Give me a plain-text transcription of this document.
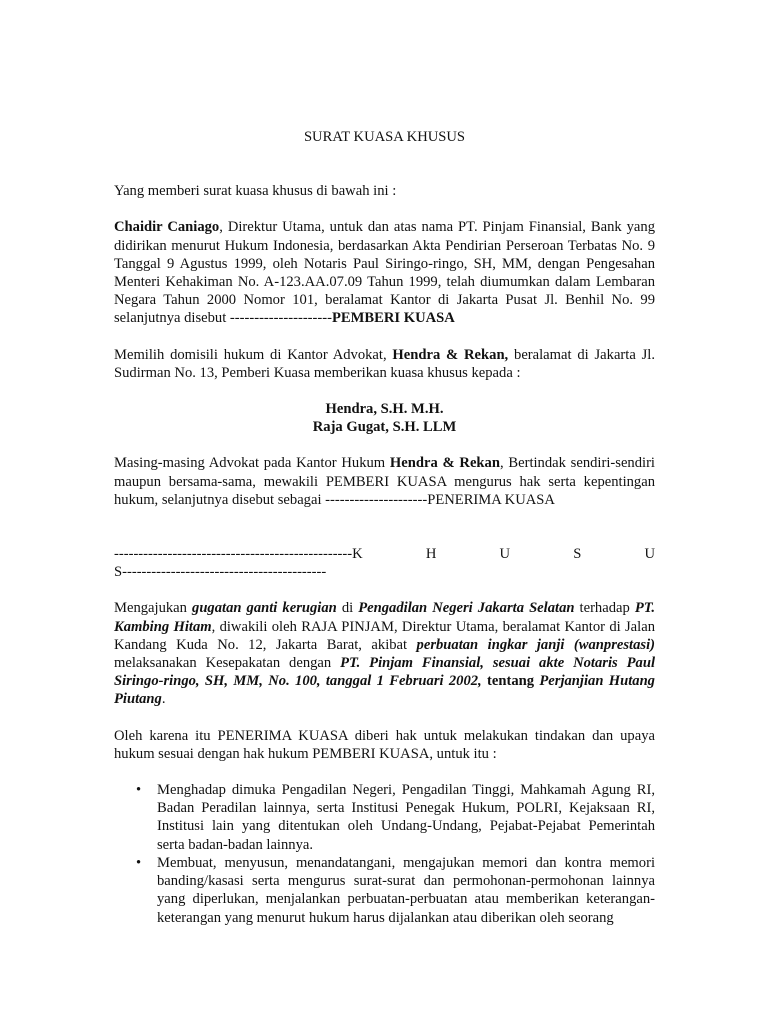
SURAT KUASA KHUSUS

Yang memberi surat kuasa khusus di bawah ini :

Chaidir Caniago, Direktur Utama, untuk dan atas nama PT. Pinjam Finansial, Bank yang didirikan menurut Hukum Indonesia, berdasarkan Akta Pendirian Perseroan Terbatas No. 9 Tanggal 9 Agustus 1999, oleh Notaris Paul Siringo-ringo, SH, MM, dengan Pengesahan Menteri Kehakiman No. A-123.AA.07.09 Tahun 1999, telah diumumkan dalam Lembaran Negara Tahun 2000 Nomor 101, beralamat Kantor di Jakarta Pusat Jl. Benhil No. 99 selanjutnya disebut ---------------------PEMBERI KUASA

Memilih domisili hukum di Kantor Advokat, Hendra & Rekan, beralamat di Jakarta Jl. Sudirman No. 13, Pemberi Kuasa memberikan kuasa khusus kepada :

Hendra, S.H. M.H.
Raja Gugat, S.H. LLM

Masing-masing Advokat pada Kantor Hukum Hendra & Rekan, Bertindak sendiri-sendiri maupun bersama-sama, mewakili PEMBERI KUASA mengurus hak serta kepentingan hukum, selanjutnya disebut sebagai ---------------------PENERIMA KUASA

-------------------------------------------------K	H	U	S	U
S------------------------------------------

Mengajukan gugatan ganti kerugian di Pengadilan Negeri Jakarta Selatan terhadap PT. Kambing Hitam, diwakili oleh RAJA PINJAM, Direktur Utama, beralamat Kantor di Jalan Kandang Kuda No. 12, Jakarta Barat, akibat perbuatan ingkar janji (wanprestasi) melaksanakan Kesepakatan dengan PT. Pinjam Finansial, sesuai akte Notaris Paul Siringo-ringo, SH, MM, No. 100, tanggal 1 Februari 2002, tentang Perjanjian Hutang Piutang.

Oleh karena itu PENERIMA KUASA diberi hak untuk melakukan tindakan dan upaya hukum sesuai dengan hak hukum PEMBERI KUASA, untuk itu :

• Menghadap dimuka Pengadilan Negeri, Pengadilan Tinggi, Mahkamah Agung RI, Badan Peradilan lainnya, serta Institusi Penegak Hukum, POLRI, Kejaksaan RI, Institusi lain yang ditentukan oleh Undang-Undang, Pejabat-Pejabat Pemerintah serta badan-badan lainnya.
• Membuat, menyusun, menandatangani, mengajukan memori dan kontra memori banding/kasasi serta mengurus surat-surat dan permohonan-permohonan lainnya yang diperlukan, menjalankan perbuatan-perbuatan atau memberikan keterangan-keterangan yang menurut hukum harus dijalankan atau diberikan oleh seorang
